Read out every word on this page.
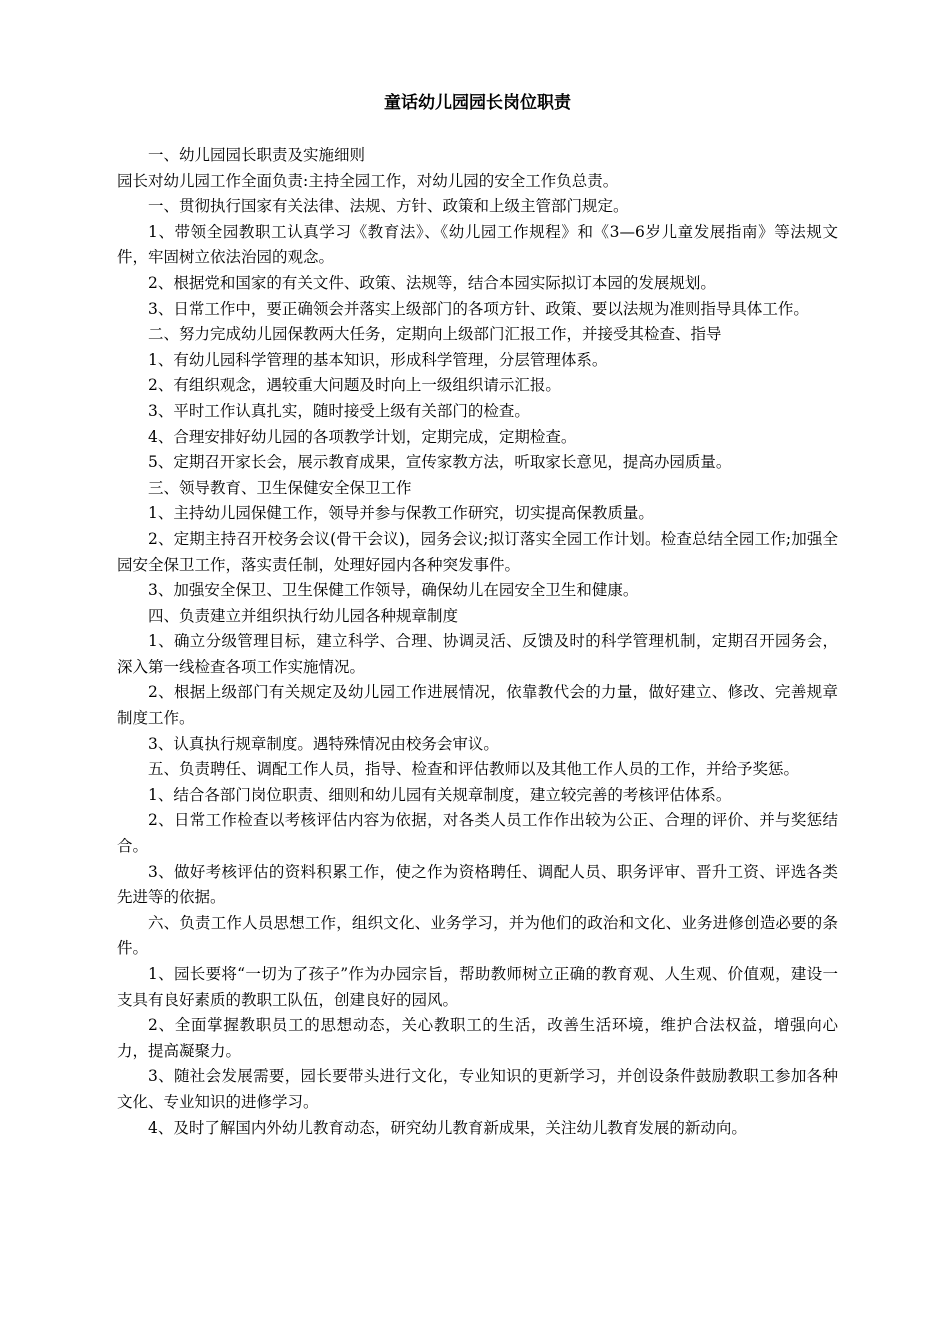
童话幼儿园园长岗位职责

一、幼儿园园长职责及实施细则

园长对幼儿园工作全面负责:主持全园工作，对幼儿园的安全工作负总责。

一、贯彻执行国家有关法律、法规、方针、政策和上级主管部门规定。

1、带领全园教职工认真学习《教育法》、《幼儿园工作规程》和《3—6岁儿童发展指南》等法规文件，牢固树立依法治园的观念。

2、根据党和国家的有关文件、政策、法规等，结合本园实际拟订本园的发展规划。

3、日常工作中，要正确领会并落实上级部门的各项方针、政策、要以法规为准则指导具体工作。

二、努力完成幼儿园保教两大任务，定期向上级部门汇报工作，并接受其检查、指导

1、有幼儿园科学管理的基本知识，形成科学管理，分层管理体系。

2、有组织观念，遇较重大问题及时向上一级组织请示汇报。

3、平时工作认真扎实，随时接受上级有关部门的检查。

4、合理安排好幼儿园的各项教学计划，定期完成，定期检查。

5、定期召开家长会，展示教育成果，宣传家教方法，听取家长意见，提高办园质量。

三、领导教育、卫生保健安全保卫工作

1、主持幼儿园保健工作，领导并参与保教工作研究，切实提高保教质量。

2、定期主持召开校务会议(骨干会议)，园务会议;拟订落实全园工作计划。检查总结全园工作;加强全园安全保卫工作，落实责任制，处理好园内各种突发事件。

3、加强安全保卫、卫生保健工作领导，确保幼儿在园安全卫生和健康。

四、负责建立并组织执行幼儿园各种规章制度

1、确立分级管理目标，建立科学、合理、协调灵活、反馈及时的科学管理机制，定期召开园务会，深入第一线检查各项工作实施情况。

2、根据上级部门有关规定及幼儿园工作进展情况，依靠教代会的力量，做好建立、修改、完善规章制度工作。

3、认真执行规章制度。遇特殊情况由校务会审议。

五、负责聘任、调配工作人员，指导、检查和评估教师以及其他工作人员的工作，并给予奖惩。

1、结合各部门岗位职责、细则和幼儿园有关规章制度，建立较完善的考核评估体系。

2、日常工作检查以考核评估内容为依据，对各类人员工作作出较为公正、合理的评价、并与奖惩结合。

3、做好考核评估的资料积累工作，使之作为资格聘任、调配人员、职务评审、晋升工资、评选各类先进等的依据。

六、负责工作人员思想工作，组织文化、业务学习，并为他们的政治和文化、业务进修创造必要的条件。

1、园长要将“一切为了孩子”作为办园宗旨，帮助教师树立正确的教育观、人生观、价值观，建设一支具有良好素质的教职工队伍，创建良好的园风。

2、全面掌握教职员工的思想动态，关心教职工的生活，改善生活环境，维护合法权益，增强向心力，提高凝聚力。

3、随社会发展需要，园长要带头进行文化，专业知识的更新学习，并创设条件鼓励教职工参加各种文化、专业知识的进修学习。

4、及时了解国内外幼儿教育动态，研究幼儿教育新成果，关注幼儿教育发展的新动向。
